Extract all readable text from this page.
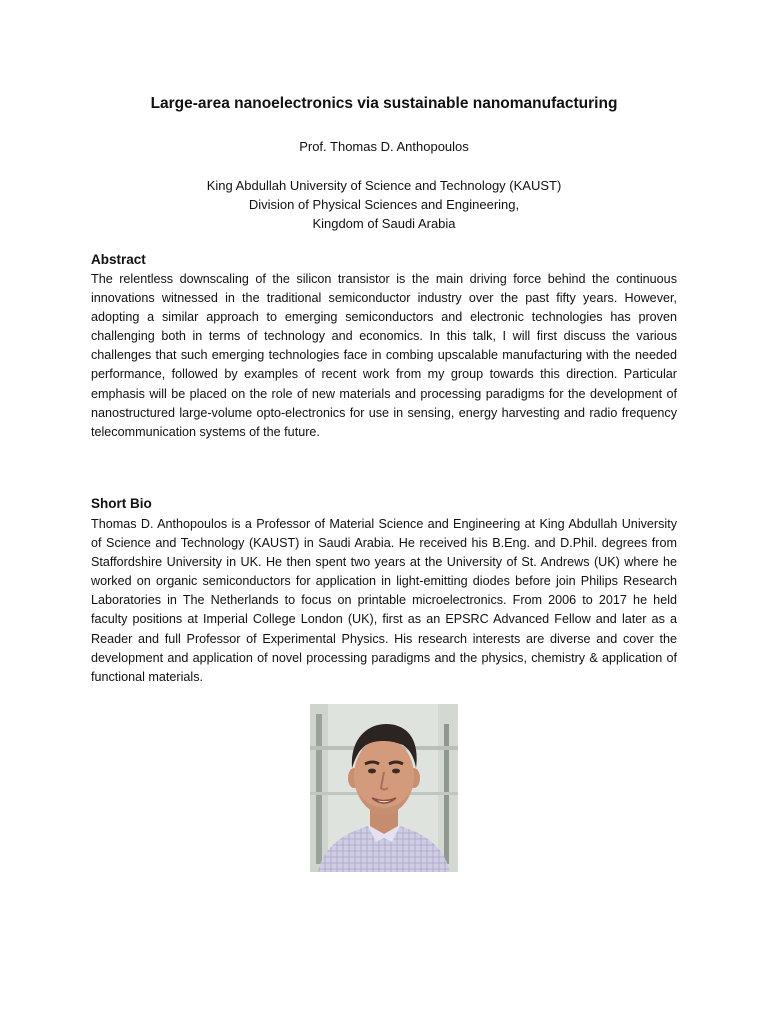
Large-area nanoelectronics via sustainable nanomanufacturing
Prof. Thomas D. Anthopoulos
King Abdullah University of Science and Technology (KAUST)
Division of Physical Sciences and Engineering,
Kingdom of Saudi Arabia
Abstract

The relentless downscaling of the silicon transistor is the main driving force behind the continuous innovations witnessed in the traditional semiconductor industry over the past fifty years. However, adopting a similar approach to emerging semiconductors and electronic technologies has proven challenging both in terms of technology and economics. In this talk, I will first discuss the various challenges that such emerging technologies face in combing upscalable manufacturing with the needed performance, followed by examples of recent work from my group towards this direction. Particular emphasis will be placed on the role of new materials and processing paradigms for the development of nanostructured large-volume opto-electronics for use in sensing, energy harvesting and radio frequency telecommunication systems of the future.

Short Bio

Thomas D. Anthopoulos is a Professor of Material Science and Engineering at King Abdullah University of Science and Technology (KAUST) in Saudi Arabia. He received his B.Eng. and D.Phil. degrees from Staffordshire University in UK. He then spent two years at the University of St. Andrews (UK) where he worked on organic semiconductors for application in light-emitting diodes before join Philips Research Laboratories in The Netherlands to focus on printable microelectronics. From 2006 to 2017 he held faculty positions at Imperial College London (UK), first as an EPSRC Advanced Fellow and later as a Reader and full Professor of Experimental Physics. His research interests are diverse and cover the development and application of novel processing paradigms and the physics, chemistry & application of functional materials.
